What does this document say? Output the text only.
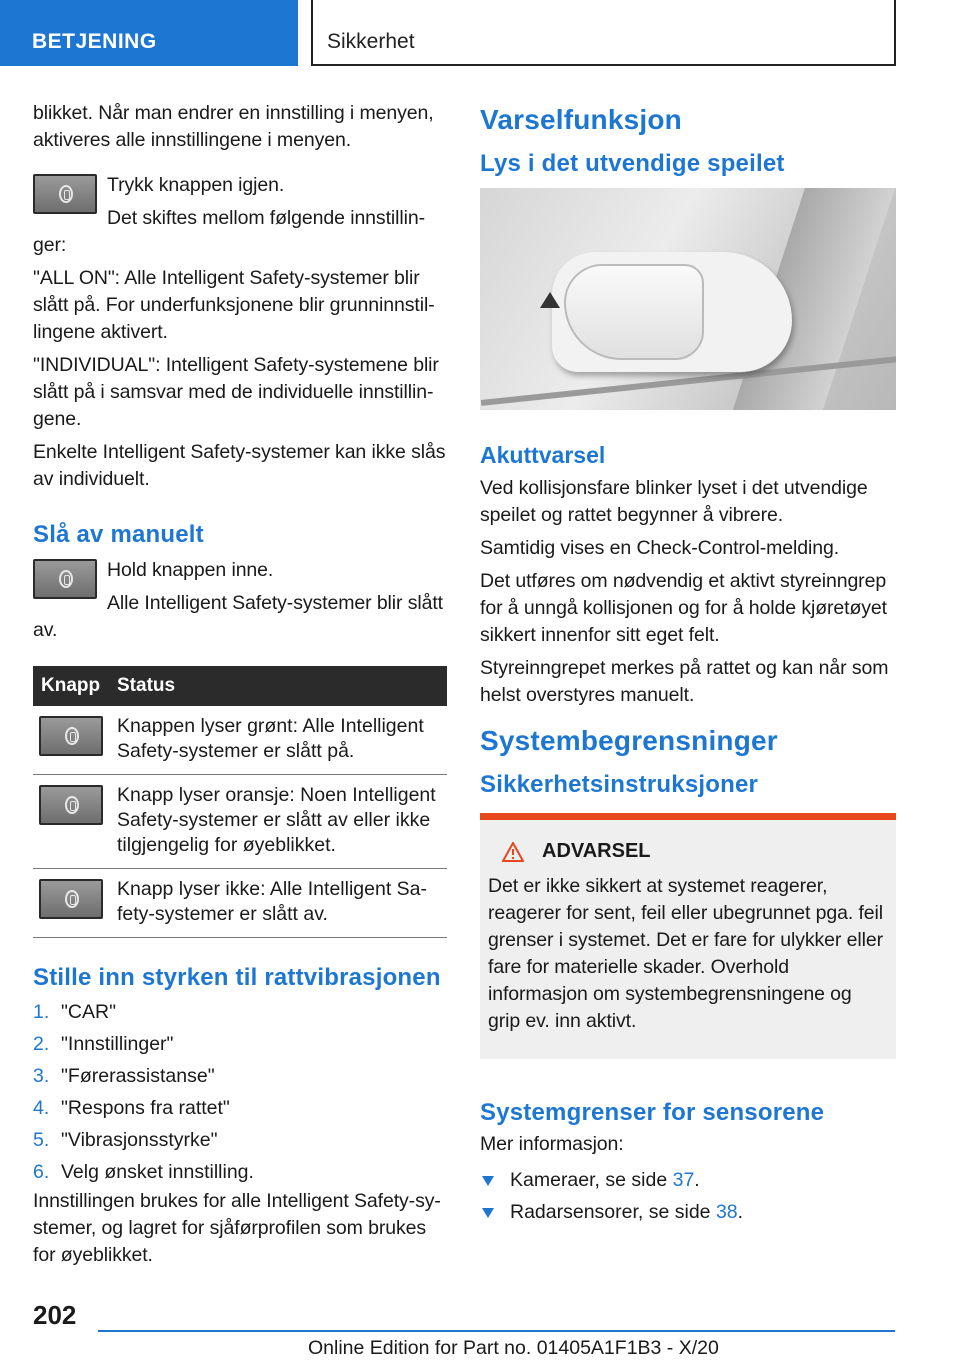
BETJENING	Sikkerhet

blikket. Når man endrer en innstilling i menyen, aktiveres alle innstillingene i menyen.

Trykk knappen igjen.

Det skiftes mellom følgende innstillinger:

"ALL ON": Alle Intelligent Safety-systemer blir slått på. For underfunksjonene blir grunninnstillingene aktivert.

"INDIVIDUAL": Intelligent Safety-systemene blir slått på i samsvar med de individuelle innstillingene.

Enkelte Intelligent Safety-systemer kan ikke slås av individuelt.

Slå av manuelt

Hold knappen inne.

Alle Intelligent Safety-systemer blir slått av.

Knapp	Status

	Knappen lyser grønt: Alle Intelligent Safety-systemer er slått på.

	Knapp lyser oransje: Noen Intelligent Safety-systemer er slått av eller ikke tilgjengelig for øyeblikket.

	Knapp lyser ikke: Alle Intelligent Safety-systemer er slått av.
Stille inn styrken til rattvibrasjonen
1. "CAR"
2. "Innstillinger"
3. "Førerassistanse"
4. "Respons fra rattet"
5. "Vibrasjonsstyrke"
6. Velg ønsket innstilling.

Innstillingen brukes for alle Intelligent Safety-systemer, og lagret for sjåførprofilen som brukes for øyeblikket.

Varselfunksjon
Lys i det utvendige speilet
Akuttvarsel

Ved kollisjonsfare blinker lyset i det utvendige speilet og rattet begynner å vibrere.

Samtidig vises en Check-Control-melding.

Det utføres om nødvendig et aktivt styreinngrep for å unngå kollisjonen og for å holde kjøretøyet sikkert innenfor sitt eget felt.

Styreinngrepet merkes på rattet og kan når som helst overstyres manuelt.

Systembegrensninger
Sikkerhetsinstruksjoner
ADVARSEL

Det er ikke sikkert at systemet reagerer, reagerer for sent, feil eller ubegrunnet pga. feil grenser i systemet. Det er fare for ulykker eller fare for materielle skader. Overhold informasjon om systembegrensningene og grip ev. inn aktivt.

Systemgrenser for sensorene

Mer informasjon:

Kameraer, se side 37.
Radarsensorer, se side 38.
202
Online Edition for Part no. 01405A1F1B3 - X/20
